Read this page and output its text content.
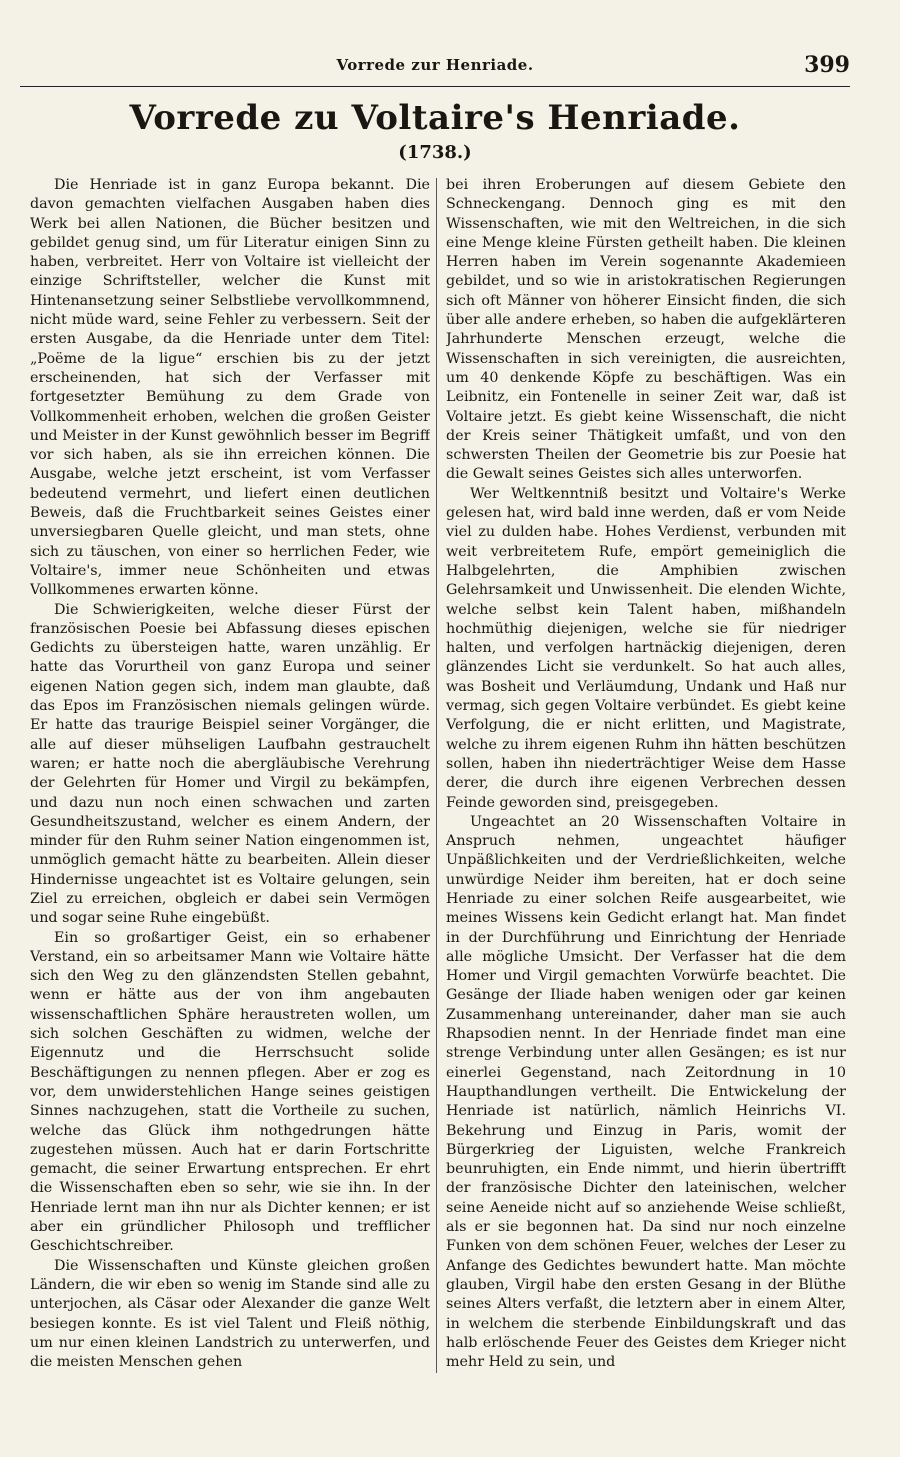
Vorrede zur Henriade.	399
Vorrede zu Voltaire's Henriade.
(1738.)

Die Henriade ist in ganz Europa bekannt. Die davon gemachten vielfachen Ausgaben haben dies Werk bei allen Nationen, die Bücher besitzen und gebildet genug sind, um für Literatur einigen Sinn zu haben, verbreitet. Herr von Voltaire ist vielleicht der einzige Schriftsteller, welcher die Kunst mit Hintenansetzung seiner Selbstliebe vervollkommnend, nicht müde ward, seine Fehler zu verbessern. Seit der ersten Ausgabe, da die Henriade unter dem Titel: „Poëme de la ligue“ erschien bis zu der jetzt erscheinenden, hat sich der Verfasser mit fortgesetzter Bemühung zu dem Grade von Vollkommenheit erhoben, welchen die großen Geister und Meister in der Kunst gewöhnlich besser im Begriff vor sich haben, als sie ihn erreichen können. Die Ausgabe, welche jetzt erscheint, ist vom Verfasser bedeutend vermehrt, und liefert einen deutlichen Beweis, daß die Fruchtbarkeit seines Geistes einer unversiegbaren Quelle gleicht, und man stets, ohne sich zu täuschen, von einer so herrlichen Feder, wie Voltaire's, immer neue Schönheiten und etwas Vollkommenes erwarten könne.

Die Schwierigkeiten, welche dieser Fürst der französischen Poesie bei Abfassung dieses epischen Gedichts zu übersteigen hatte, waren unzählig. Er hatte das Vorurtheil von ganz Europa und seiner eigenen Nation gegen sich, indem man glaubte, daß das Epos im Französischen niemals gelingen würde. Er hatte das traurige Beispiel seiner Vorgänger, die alle auf dieser mühseligen Laufbahn gestrauchelt waren; er hatte noch die abergläubische Verehrung der Gelehrten für Homer und Virgil zu bekämpfen, und dazu nun noch einen schwachen und zarten Gesundheitszustand, welcher es einem Andern, der minder für den Ruhm seiner Nation eingenommen ist, unmöglich gemacht hätte zu bearbeiten. Allein dieser Hindernisse ungeachtet ist es Voltaire gelungen, sein Ziel zu erreichen, obgleich er dabei sein Vermögen und sogar seine Ruhe eingebüßt.

Ein so großartiger Geist, ein so erhabener Verstand, ein so arbeitsamer Mann wie Voltaire hätte sich den Weg zu den glänzendsten Stellen gebahnt, wenn er hätte aus der von ihm angebauten wissenschaftlichen Sphäre heraustreten wollen, um sich solchen Geschäften zu widmen, welche der Eigennutz und die Herrschsucht solide Beschäftigungen zu nennen pflegen. Aber er zog es vor, dem unwiderstehlichen Hange seines geistigen Sinnes nachzugehen, statt die Vortheile zu suchen, welche das Glück ihm nothgedrungen hätte zugestehen müssen. Auch hat er darin Fortschritte gemacht, die seiner Erwartung entsprechen. Er ehrt die Wissenschaften eben so sehr, wie sie ihn. In der Henriade lernt man ihn nur als Dichter kennen; er ist aber ein gründlicher Philosoph und trefflicher Geschichtschreiber.

Die Wissenschaften und Künste gleichen großen Ländern, die wir eben so wenig im Stande sind alle zu unterjochen, als Cäsar oder Alexander die ganze Welt besiegen konnte. Es ist viel Talent und Fleiß nöthig, um nur einen kleinen Landstrich zu unterwerfen, und die meisten Menschen gehen

bei ihren Eroberungen auf diesem Gebiete den Schneckengang. Dennoch ging es mit den Wissenschaften, wie mit den Weltreichen, in die sich eine Menge kleine Fürsten getheilt haben. Die kleinen Herren haben im Verein sogenannte Akademieen gebildet, und so wie in aristokratischen Regierungen sich oft Männer von höherer Einsicht finden, die sich über alle andere erheben, so haben die aufgeklärteren Jahrhunderte Menschen erzeugt, welche die Wissenschaften in sich vereinigten, die ausreichten, um 40 denkende Köpfe zu beschäftigen. Was ein Leibnitz, ein Fontenelle in seiner Zeit war, daß ist Voltaire jetzt. Es giebt keine Wissenschaft, die nicht der Kreis seiner Thätigkeit umfaßt, und von den schwersten Theilen der Geometrie bis zur Poesie hat die Gewalt seines Geistes sich alles unterworfen.

Wer Weltkenntniß besitzt und Voltaire's Werke gelesen hat, wird bald inne werden, daß er vom Neide viel zu dulden habe. Hohes Verdienst, verbunden mit weit verbreitetem Rufe, empört gemeiniglich die Halbgelehrten, die Amphibien zwischen Gelehrsamkeit und Unwissenheit. Die elenden Wichte, welche selbst kein Talent haben, mißhandeln hochmüthig diejenigen, welche sie für niedriger halten, und verfolgen hartnäckig diejenigen, deren glänzendes Licht sie verdunkelt. So hat auch alles, was Bosheit und Verläumdung, Undank und Haß nur vermag, sich gegen Voltaire verbündet. Es giebt keine Verfolgung, die er nicht erlitten, und Magistrate, welche zu ihrem eigenen Ruhm ihn hätten beschützen sollen, haben ihn niederträchtiger Weise dem Hasse derer, die durch ihre eigenen Verbrechen dessen Feinde geworden sind, preisgegeben.

Ungeachtet an 20 Wissenschaften Voltaire in Anspruch nehmen, ungeachtet häufiger Unpäßlichkeiten und der Verdrießlichkeiten, welche unwürdige Neider ihm bereiten, hat er doch seine Henriade zu einer solchen Reife ausgearbeitet, wie meines Wissens kein Gedicht erlangt hat. Man findet in der Durchführung und Einrichtung der Henriade alle mögliche Umsicht. Der Verfasser hat die dem Homer und Virgil gemachten Vorwürfe beachtet. Die Gesänge der Iliade haben wenigen oder gar keinen Zusammenhang untereinander, daher man sie auch Rhapsodien nennt. In der Henriade findet man eine strenge Verbindung unter allen Gesängen; es ist nur einerlei Gegenstand, nach Zeitordnung in 10 Haupthandlungen vertheilt. Die Entwickelung der Henriade ist natürlich, nämlich Heinrichs VI. Bekehrung und Einzug in Paris, womit der Bürgerkrieg der Liguisten, welche Frankreich beunruhigten, ein Ende nimmt, und hierin übertrifft der französische Dichter den lateinischen, welcher seine Aeneide nicht auf so anziehende Weise schließt, als er sie begonnen hat. Da sind nur noch einzelne Funken von dem schönen Feuer, welches der Leser zu Anfange des Gedichtes bewundert hatte. Man möchte glauben, Virgil habe den ersten Gesang in der Blüthe seines Alters verfaßt, die letztern aber in einem Alter, in welchem die sterbende Einbildungskraft und das halb erlöschende Feuer des Geistes dem Krieger nicht mehr Held zu sein, und
